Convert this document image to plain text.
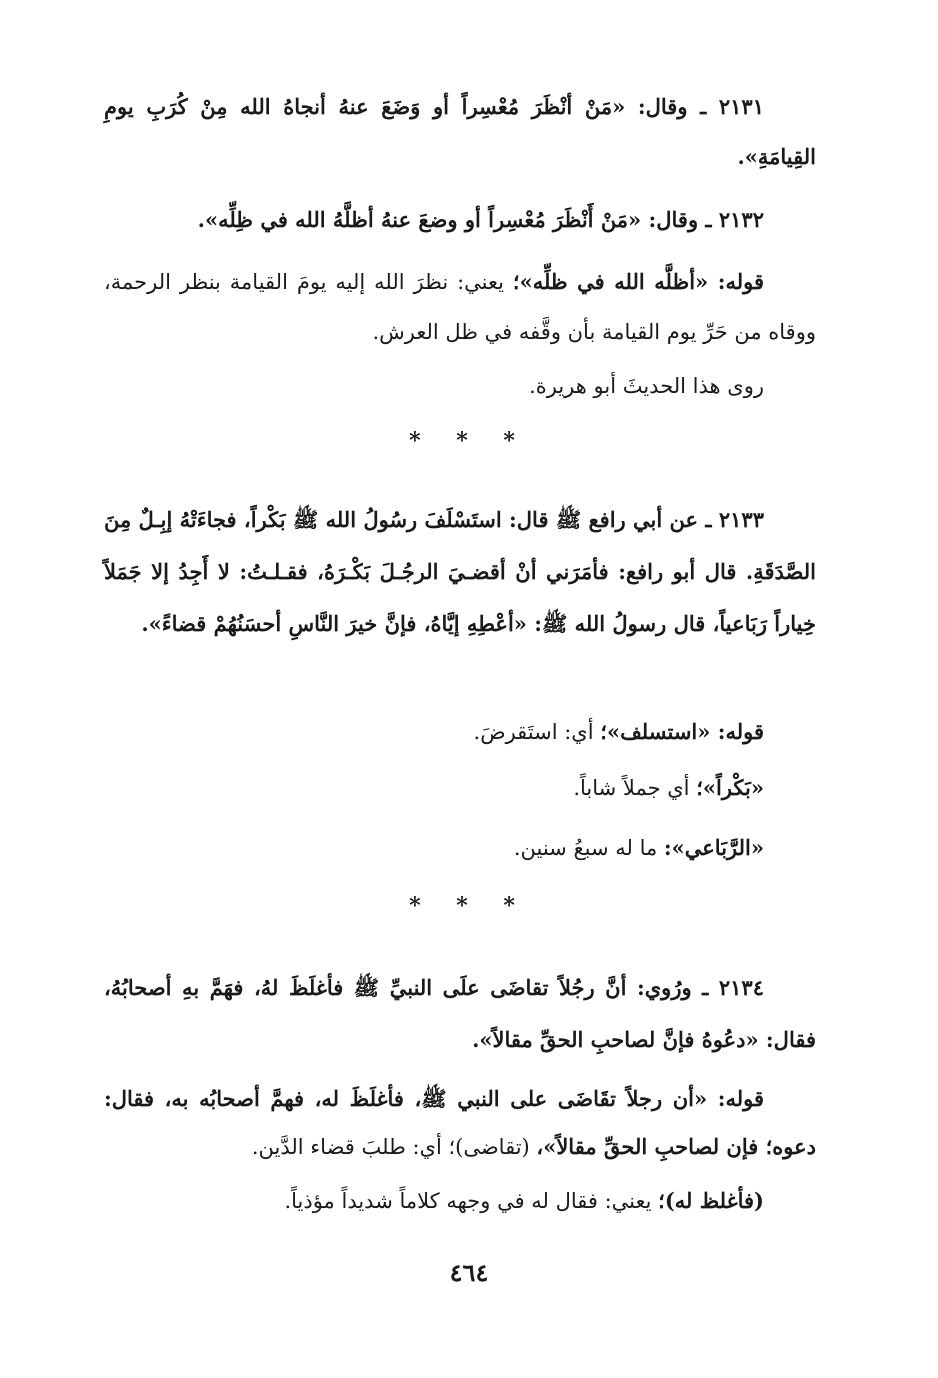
٢١٣١ ـ وقال: «مَنْ أنْظَرَ مُعْسِراً أو وَضَعَ عنهُ أنجاهُ الله مِنْ كُرَبِ يومِ القِيامَةِ».
٢١٣٢ ـ وقال: «مَنْ أَنْظَرَ مُعْسِراً أو وضعَ عنهُ أظلَّهُ الله في ظِلِّه».
قوله: «أظلَّه الله في ظلِّه»؛ يعني: نظرَ الله إليه يومَ القيامة بنظر الرحمة، ووقاه من حَرِّ يوم القيامة بأن وقَّفه في ظل العرش.
روى هذا الحديثَ أبو هريرة.
* * *
٢١٣٣ ـ عن أبي رافع ﷺ قال: استَسْلَفَ رسُولُ الله ﷺ بَكْراً، فجاءَتْهُ إبِـلٌ مِنَ الصَّدَقَةِ. قال أبو رافع: فأمَرَني أنْ أقضـيَ الرجُـلَ بَكْـرَهُ، فقـلـتُ: لا أَجِدُ إلا جَمَلاً خِياراً رَبَاعياً، قال رسولُ الله ﷺ: «أعْطِهِ إيَّاهُ، فإنَّ خيرَ النَّاسِ أحسَنُهُمْ قضاءً».
قوله: «استسلف»؛ أي: استَقرضَ.
«بَكْراً»؛ أي جملاً شاباً.
«الرَّبَاعي»: ما له سبعُ سنين.
* * *
٢١٣٤ ـ ورُوي: أنَّ رجُلاً تقاضَى علَى النبيِّ ﷺ فأغلَظَ لهُ، فهَمَّ بهِ أصحابُهُ، فقال: «دعُوهُ فإنَّ لصاحبِ الحقِّ مقالاً».
قوله: «أن رجلاً تقَاضَى على النبي ﷺ، فأغلَظَ له، فهمَّ أصحابُه به، فقال: دعوه؛ فإن لصاحبِ الحقِّ مقالاً»، (تقاضى)؛ أي: طلبَ قضاء الدَّين.
(فأغلظ له)؛ يعني: فقال له في وجهه كلاماً شديداً مؤذياً.
٤٦٤
